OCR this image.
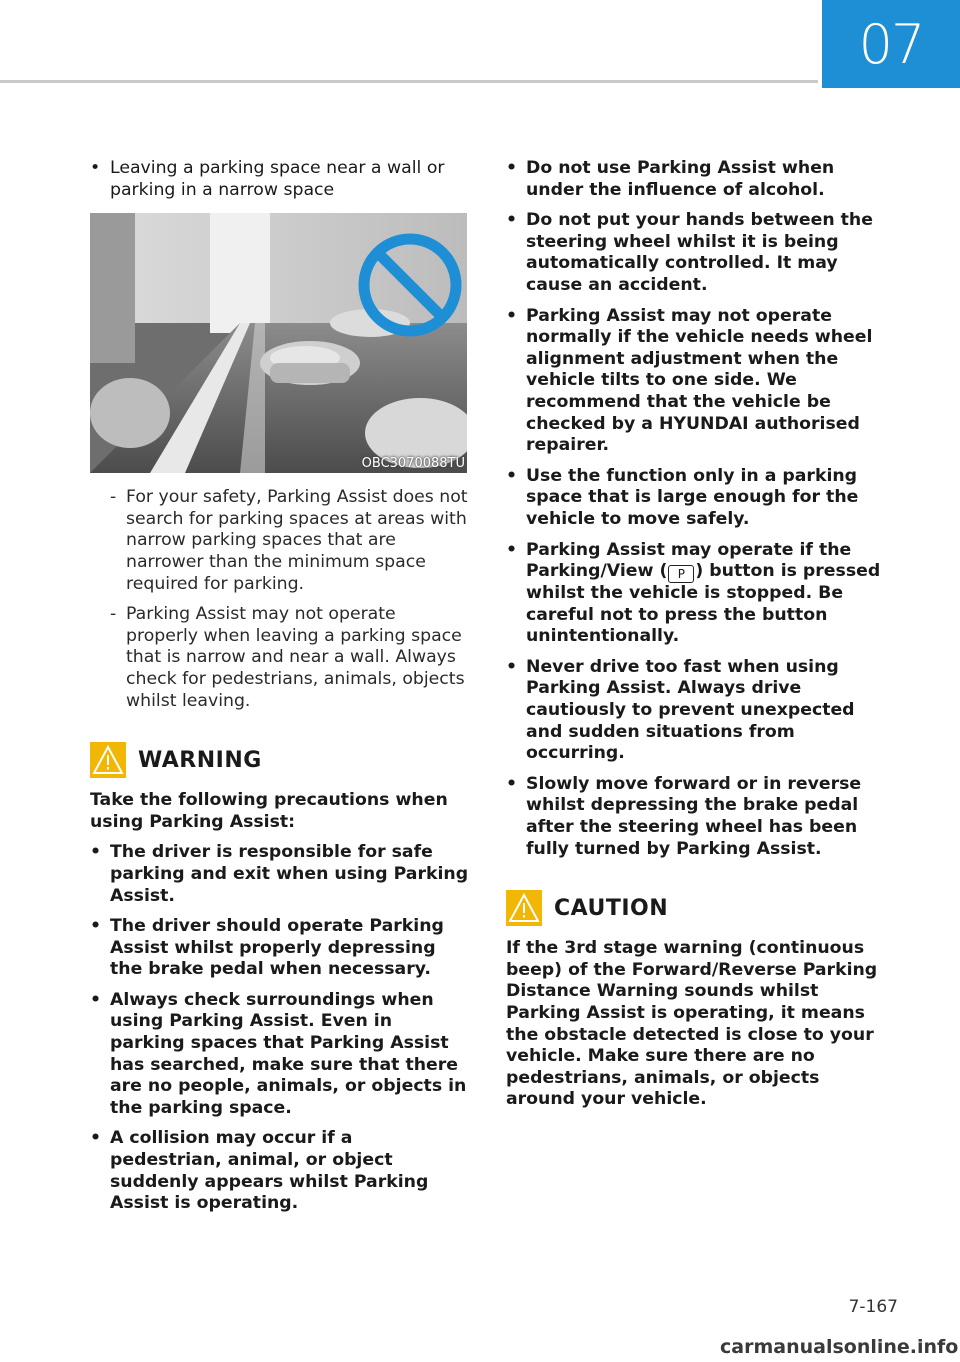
07
• Leaving a parking space near a wall or parking in a narrow space
OBC3070088TU
- For your safety, Parking Assist does not search for parking spaces at areas with narrow parking spaces that are narrower than the minimum space required for parking.
- Parking Assist may not operate properly when leaving a parking space that is narrow and near a wall. Always check for pedestrians, animals, objects whilst leaving.
WARNING
Take the following precautions when using Parking Assist:
• The driver is responsible for safe parking and exit when using Parking Assist.
• The driver should operate Parking Assist whilst properly depressing the brake pedal when necessary.
• Always check surroundings when using Parking Assist. Even in parking spaces that Parking Assist has searched, make sure that there are no people, animals, or objects in the parking space.
• A collision may occur if a pedestrian, animal, or object suddenly appears whilst Parking Assist is operating.
• Do not use Parking Assist when under the influence of alcohol.
• Do not put your hands between the steering wheel whilst it is being automatically controlled. It may cause an accident.
• Parking Assist may not operate normally if the vehicle needs wheel alignment adjustment when the vehicle tilts to one side. We recommend that the vehicle be checked by a HYUNDAI authorised repairer.
• Use the function only in a parking space that is large enough for the vehicle to move safely.
• Parking Assist may operate if the Parking/View ( P ) button is pressed whilst the vehicle is stopped. Be careful not to press the button unintentionally.
• Never drive too fast when using Parking Assist. Always drive cautiously to prevent unexpected and sudden situations from occurring.
• Slowly move forward or in reverse whilst depressing the brake pedal after the steering wheel has been fully turned by Parking Assist.
CAUTION
If the 3rd stage warning (continuous beep) of the Forward/Reverse Parking Distance Warning sounds whilst Parking Assist is operating, it means the obstacle detected is close to your vehicle. Make sure there are no pedestrians, animals, or objects around your vehicle.
7-167
carmanualsonline.info
